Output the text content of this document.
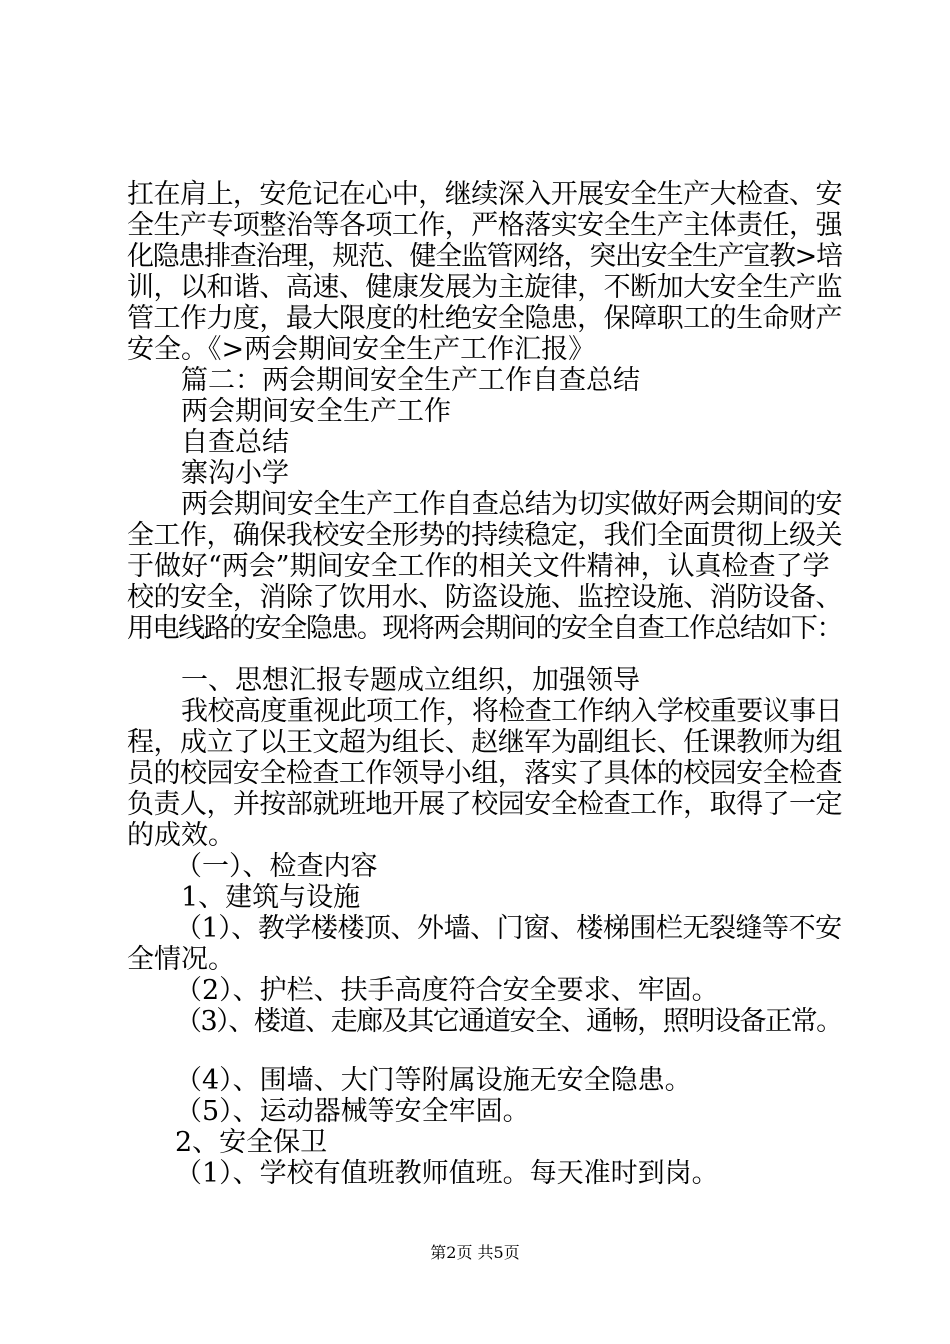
扛在肩上，安危记在心中，继续深入开展安全生产大检查、安
全生产专项整治等各项工作，严格落实安全生产主体责任，强
化隐患排查治理，规范、健全监管网络，突出安全生产宣教>培
训，以和谐、高速、健康发展为主旋律，不断加大安全生产监
管工作力度，最大限度的杜绝安全隐患，保障职工的生命财产
安全。《>两会期间安全生产工作汇报》
篇二：两会期间安全生产工作自查总结
两会期间安全生产工作
自查总结
寨沟小学
两会期间安全生产工作自查总结为切实做好两会期间的安
全工作，确保我校安全形势的持续稳定，我们全面贯彻上级关
于做好“两会”期间安全工作的相关文件精神，认真检查了学
校的安全，消除了饮用水、防盗设施、监控设施、消防设备、
用电线路的安全隐患。现将两会期间的安全自查工作总结如下：
一、思想汇报专题成立组织，加强领导
我校高度重视此项工作，将检查工作纳入学校重要议事日
程，成立了以王文超为组长、赵继军为副组长、任课教师为组
员的校园安全检查工作领导小组，落实了具体的校园安全检查
负责人，并按部就班地开展了校园安全检查工作，取得了一定
的成效。
（一）、检查内容
1、建筑与设施
（1）、教学楼楼顶、外墙、门窗、楼梯围栏无裂缝等不安
全情况。
（2）、护栏、扶手高度符合安全要求、牢固。
（3）、楼道、走廊及其它通道安全、通畅，照明设备正常。
（4）、围墙、大门等附属设施无安全隐患。
（5）、运动器械等安全牢固。
2、安全保卫
（1）、学校有值班教师值班。每天准时到岗。
第2页 共5页
